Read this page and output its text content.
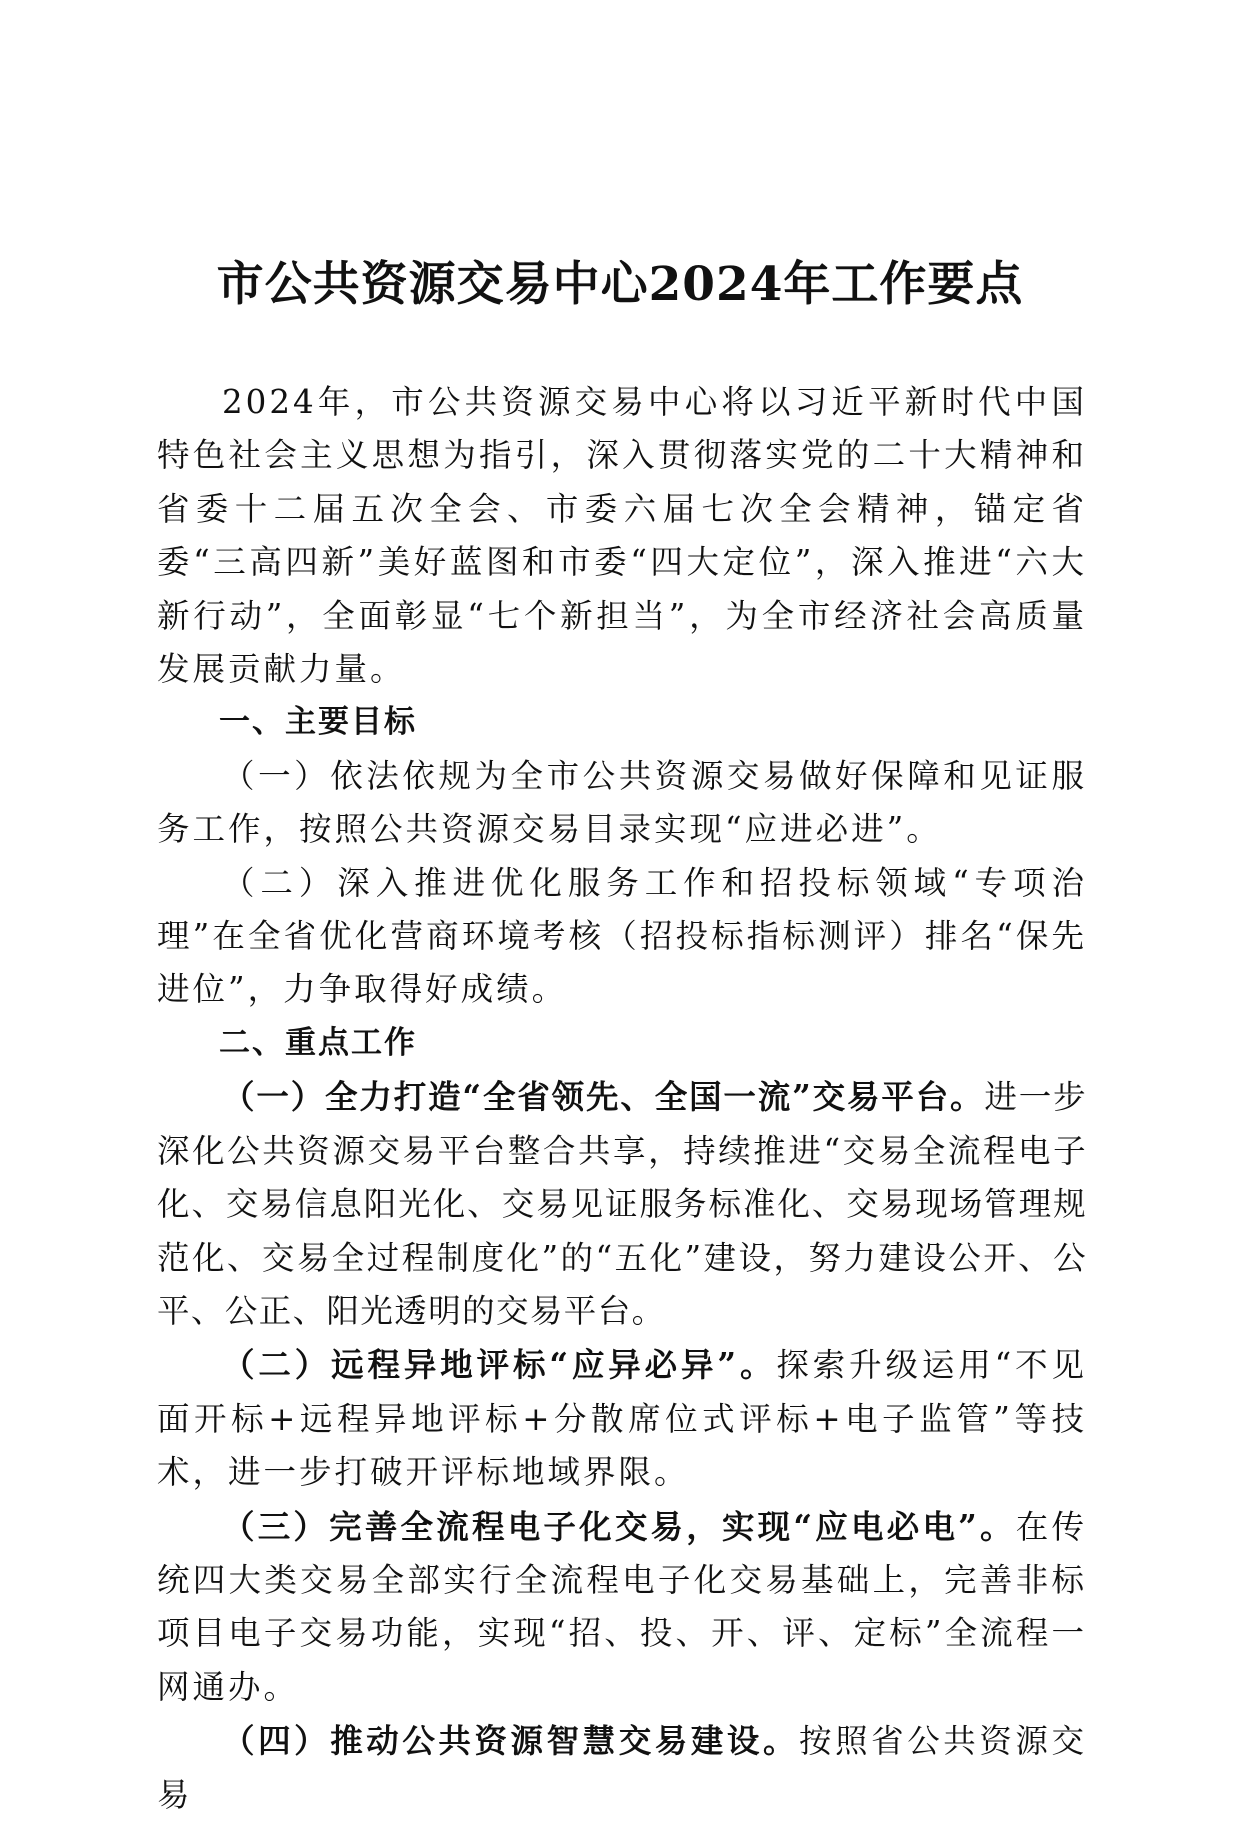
市公共资源交易中心2024年工作要点

2024年，市公共资源交易中心将以习近平新时代中国特色社会主义思想为指引，深入贯彻落实党的二十大精神和省委十二届五次全会、市委六届七次全会精神，锚定省委“三高四新”美好蓝图和市委“四大定位”，深入推进“六大新行动”，全面彰显“七个新担当”，为全市经济社会高质量发展贡献力量。

一、主要目标

（一）依法依规为全市公共资源交易做好保障和见证服务工作，按照公共资源交易目录实现“应进必进”。

（二）深入推进优化服务工作和招投标领域“专项治理”在全省优化营商环境考核（招投标指标测评）排名“保先进位”，力争取得好成绩。

二、重点工作

（一）全力打造“全省领先、全国一流”交易平台。进一步深化公共资源交易平台整合共享，持续推进“交易全流程电子化、交易信息阳光化、交易见证服务标准化、交易现场管理规范化、交易全过程制度化”的“五化”建设，努力建设公开、公平、公正、阳光透明的交易平台。

（二）远程异地评标“应异必异”。探索升级运用“不见面开标+远程异地评标+分散席位式评标+电子监管”等技术，进一步打破开评标地域界限。

（三）完善全流程电子化交易，实现“应电必电”。在传统四大类交易全部实行全流程电子化交易基础上，完善非标项目电子交易功能，实现“招、投、开、评、定标”全流程一网通办。

（四）推动公共资源智慧交易建设。按照省公共资源交易
